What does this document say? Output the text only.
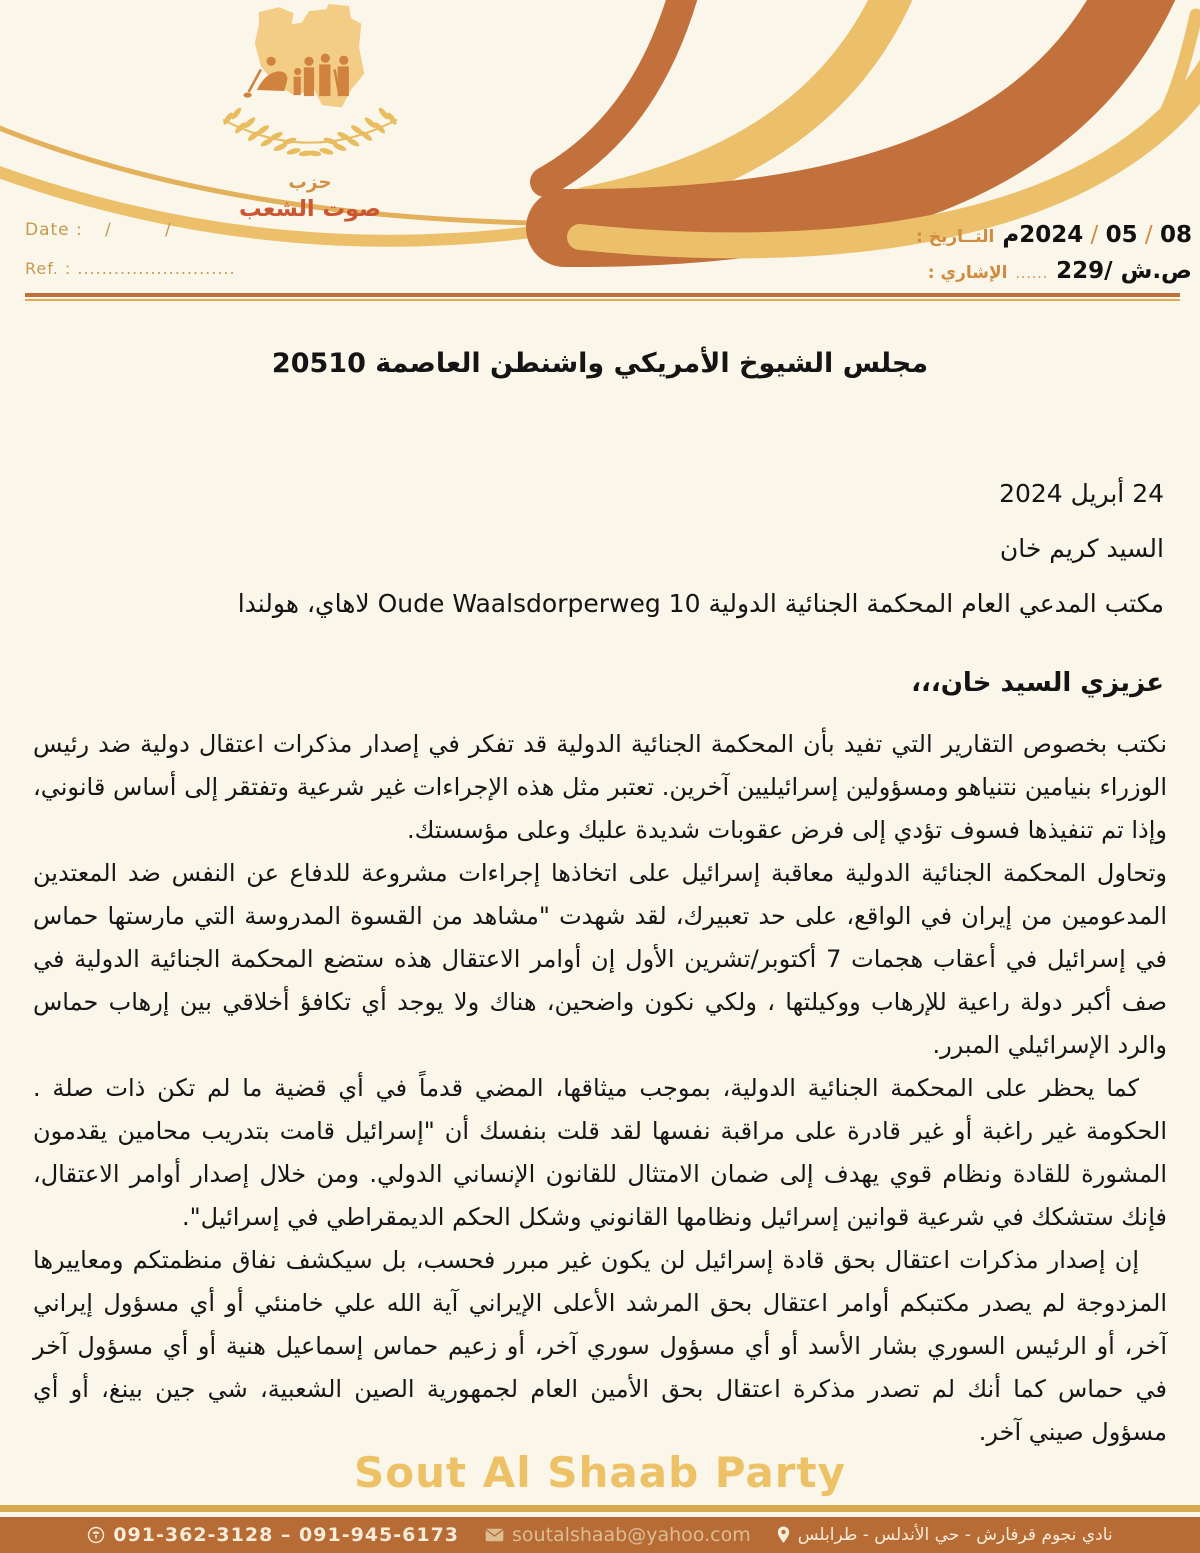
حزب
صوت الشعب
Date : /	/
Ref. : ..........................
التــاريخ :	08 / 05 / 2024م
الإشاري : ...... ص.ش /229
مجلس الشيوخ الأمريكي واشنطن العاصمة 20510
24 أبريل 2024
السيد كريم خان
مكتب المدعي العام المحكمة الجنائية الدولية Oude Waalsdorperweg 10 لاهاي، هولندا
عزيزي السيد خان،،،

نكتب بخصوص التقارير التي تفيد بأن المحكمة الجنائية الدولية قد تفكر في إصدار مذكرات اعتقال دولية ضد رئيس الوزراء بنيامين نتنياهو ومسؤولين إسرائيليين آخرين. تعتبر مثل هذه الإجراءات غير شرعية وتفتقر إلى أساس قانوني، وإذا تم تنفيذها فسوف تؤدي إلى فرض عقوبات شديدة عليك وعلى مؤسستك.

وتحاول المحكمة الجنائية الدولية معاقبة إسرائيل على اتخاذها إجراءات مشروعة للدفاع عن النفس ضد المعتدين المدعومين من إيران في الواقع، على حد تعبيرك، لقد شهدت "مشاهد من القسوة المدروسة التي مارستها حماس في إسرائيل في أعقاب هجمات 7 أكتوبر/تشرين الأول إن أوامر الاعتقال هذه ستضع المحكمة الجنائية الدولية في صف أكبر دولة راعية للإرهاب ووكيلتها ، ولكي نكون واضحين، هناك ولا يوجد أي تكافؤ أخلاقي بين إرهاب حماس والرد الإسرائيلي المبرر.

كما يحظر على المحكمة الجنائية الدولية، بموجب ميثاقها، المضي قدماً في أي قضية ما لم تكن ذات صلة . الحكومة غير راغبة أو غير قادرة على مراقبة نفسها لقد قلت بنفسك أن "إسرائيل قامت بتدريب محامين يقدمون المشورة للقادة ونظام قوي يهدف إلى ضمان الامتثال للقانون الإنساني الدولي. ومن خلال إصدار أوامر الاعتقال، فإنك ستشكك في شرعية قوانين إسرائيل ونظامها القانوني وشكل الحكم الديمقراطي في إسرائيل".

إن إصدار مذكرات اعتقال بحق قادة إسرائيل لن يكون غير مبرر فحسب، بل سيكشف نفاق منظمتكم ومعاييرها المزدوجة لم يصدر مكتبكم أوامر اعتقال بحق المرشد الأعلى الإيراني آية الله علي خامنئي أو أي مسؤول إيراني آخر، أو الرئيس السوري بشار الأسد أو أي مسؤول سوري آخر، أو زعيم حماس إسماعيل هنية أو أي مسؤول آخر في حماس كما أنك لم تصدر مذكرة اعتقال بحق الأمين العام لجمهورية الصين الشعبية، شي جين بينغ، أو أي مسؤول صيني آخر.

Sout Al Shaab Party
091-362-3128 – 091-945-6173	soutalshaab@yahoo.com	نادي نجوم قرفارش - حي الأندلس - طرابلس
